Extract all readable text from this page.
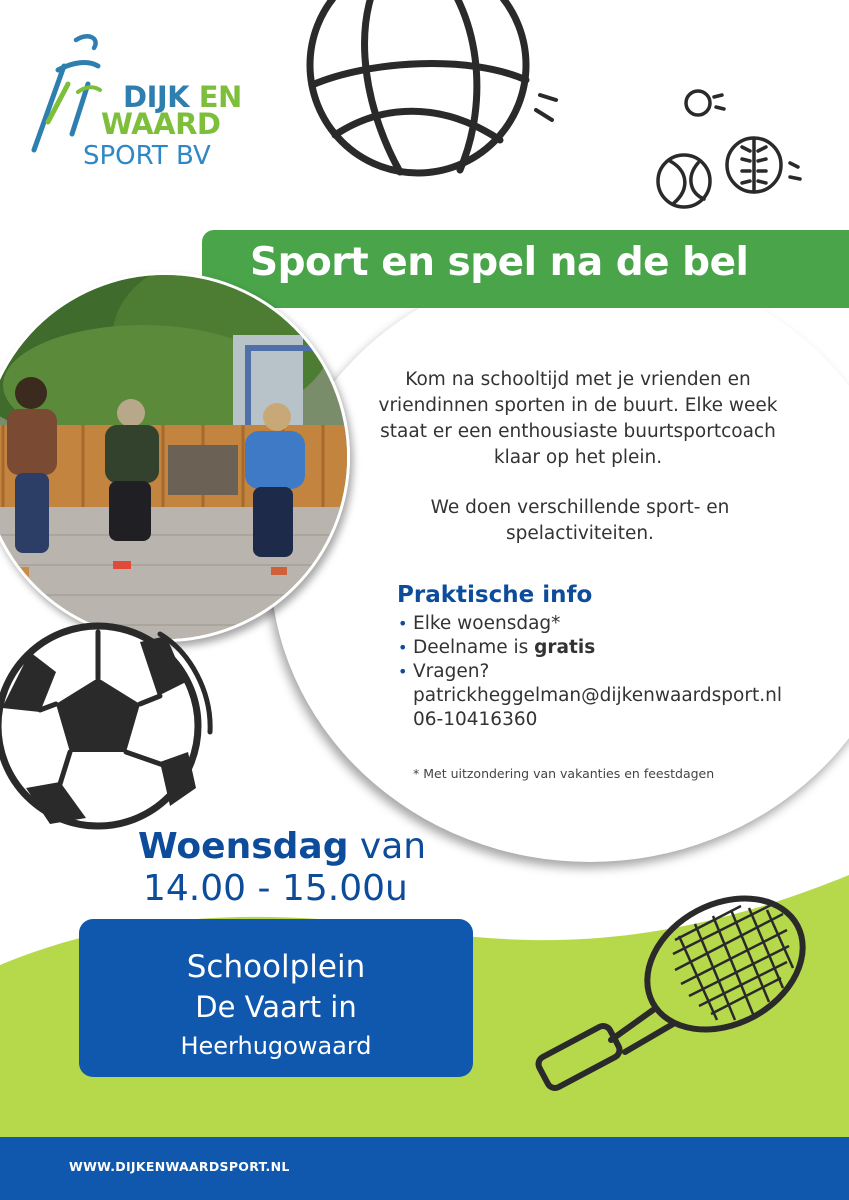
DIJK EN
WAARD
SPORT BV
Sport en spel na de bel
Kom na schooltijd met je vrienden en vriendinnen sporten in de buurt. Elke week staat er een enthousiaste buurtsportcoach klaar op het plein.
We doen verschillende sport- en spelactiviteiten.
Praktische info
• Elke woensdag*
• Deelname is gratis
• Vragen?
patrickheggelman@dijkenwaardsport.nl
06-10416360
* Met uitzondering van vakanties en feestdagen
Woensdag van
14.00 - 15.00u
Schoolplein
De Vaart in
Heerhugowaard
WWW.DIJKENWAARDSPORT.NL
